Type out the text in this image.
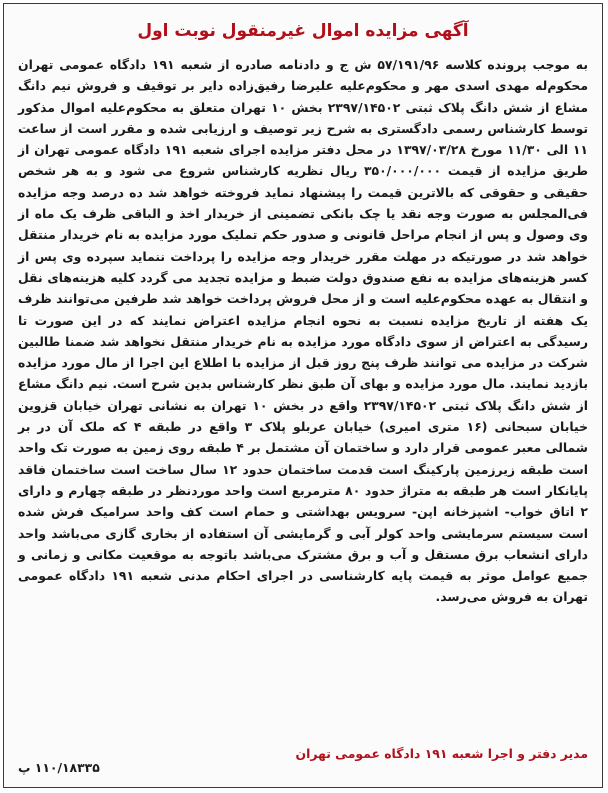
آگهی مزایده اموال غیرمنقول نوبت اول

به موجب پرونده کلاسه ۵۷/۱۹۱/۹۶ ش ج و دادنامه صادره از شعبه ۱۹۱ دادگاه عمومی تهران محکوم‌له مهدی اسدی مهر و محکوم‌علیه علیرضا رفیق‌زاده دایر بر توقیف و فروش نیم دانگ مشاع از شش دانگ پلاک ثبتی ۲۳۹۷/۱۴۵۰۲ بخش ۱۰ تهران متعلق به محکوم‌علیه اموال مذکور توسط کارشناس رسمی دادگستری به شرح زیر توصیف و ارزیابی شده و مقرر است از ساعت ۱۱ الی ۱۱/۳۰ مورخ ۱۳۹۷/۰۳/۲۸ در محل دفتر مزایده اجرای شعبه ۱۹۱ دادگاه عمومی تهران از طریق مزایده از قیمت ۳۵۰/۰۰۰/۰۰۰ ریال نظریه کارشناس شروع می شود و به هر شخص حقیقی و حقوقی که بالاترین قیمت را پیشنهاد نماید فروخته خواهد شد ده درصد وجه مزایده فی‌المجلس به صورت وجه نقد یا چک بانکی تضمینی از خریدار اخذ و الباقی ظرف یک ماه از وی وصول و پس از انجام مراحل قانونی و صدور حکم تملیک مورد مزایده به نام خریدار منتقل خواهد شد در صورتیکه در مهلت مقرر خریدار وجه مزایده را پرداخت ننماید سپرده وی پس از کسر هزینه‌های مزایده به نفع صندوق دولت ضبط و مزایده تجدید می گردد کلیه هزینه‌های نقل و انتقال به عهده محکوم‌علیه است و از محل فروش پرداخت خواهد شد طرفین می‌توانند ظرف یک هفته از تاریخ مزایده نسبت به نحوه انجام مزایده اعتراض نمایند که در این صورت تا رسیدگی به اعتراض از سوی دادگاه مورد مزایده به نام خریدار منتقل نخواهد شد ضمنا طالبین شرکت در مزایده می توانند ظرف پنج روز قبل از مزایده با اطلاع این اجرا از مال مورد مزایده بازدید نمایند. مال مورد مزایده و بهای آن طبق نظر کارشناس بدین شرح است. نیم دانگ مشاع از شش دانگ پلاک ثبتی ۲۳۹۷/۱۴۵۰۲ واقع در بخش ۱۰ تهران به نشانی تهران خیابان قزوین خیابان سبحانی (۱۶ متری امیری) خیابان عربلو پلاک ۳ واقع در طبقه ۴ که ملک آن در بر شمالی معبر عمومی قرار دارد و ساختمان آن مشتمل بر ۴ طبقه روی زمین به صورت تک واحد است طبقه زیرزمین پارکینگ است قدمت ساختمان حدود ۱۲ سال ساخت است ساختمان فاقد پایانکار است هر طبقه به متراژ حدود ۸۰ مترمربع است واحد موردنظر در طبقه چهارم و دارای ۲ اتاق خواب- اشپزخانه اپن- سرویس بهداشتی و حمام است کف واحد سرامیک فرش شده است سیستم سرمایشی واحد کولر آبی و گرمایشی آن استفاده از بخاری گازی می‌باشد واحد دارای انشعاب برق مستقل و آب و برق مشترک می‌باشد باتوجه به موقعیت مکانی و زمانی و جمیع عوامل موثر به قیمت پایه کارشناسی در اجرای احکام مدنی شعبه ۱۹۱ دادگاه عمومی تهران به فروش می‌رسد.

مدیر دفتر و اجرا شعبه ۱۹۱ دادگاه عمومی تهران
۱۱۰/۱۸۳۳۵ پ
